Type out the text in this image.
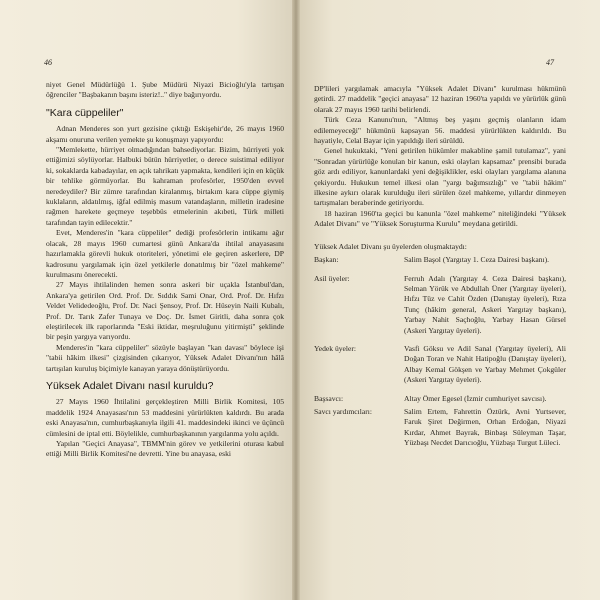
46

niyet Genel Müdürlüğü 1. Şube Müdürü Niyazi Bicioğlu'yla tartışan öğrenciler "Başbakanın başını isteriz!.." diye bağırıyordu.

"Kara cüppeliler"

Adnan Menderes son yurt gezisine çıktığı Eskişehir'de, 26 mayıs 1960 akşamı onuruna verilen yemekte şu konuşmayı yapıyordu:

"Memlekette, hürriyet olmadığından bahsediyorlar. Bizim, hürriyeti yok ettiğimizi söylüyorlar. Halbuki bütün hürriyetler, o derece suistimal ediliyor ki, sokaklarda kabadayılar, en açık tahrikatı yapmakta, kendileri için en küçük bir tehlike görmüyorlar. Bu kahraman profesörler, 1950'den evvel neredeydiler? Bir zümre tarafından kiralanmış, birtakım kara cüppe giymiş kuklaların, aldatılmış, iğfal edilmiş masum vatandaşların, milletin iradesine rağmen harekete geçmeye teşebbüs etmelerinin akıbeti, Türk milleti tarafından tayin edilecektir."

Evet, Menderes'in "kara cüppeliler" dediği profesörlerin intikamı ağır olacak, 28 mayıs 1960 cumartesi günü Ankara'da ihtilal anayasasını hazırlamakla görevli hukuk otoriteleri, yönetimi ele geçiren askerlere, DP kadrosunu yargılamak için özel yetkilerle donatılmış bir "özel mahkeme" kurulmasını önerecekti.

27 Mayıs ihtilalinden hemen sonra askeri bir uçakla İstanbul'dan, Ankara'ya getirilen Ord. Prof. Dr. Sıddık Sami Onar, Ord. Prof. Dr. Hıfzı Veldet Velidedeoğlu, Prof. Dr. Naci Şensoy, Prof. Dr. Hüseyin Naili Kubalı, Prof. Dr. Tarık Zafer Tunaya ve Doç. Dr. İsmet Giritli, daha sonra çok eleştirilecek ilk raporlarında "Eski iktidar, meşruluğunu yitirmişti" şeklinde bir peşin yargıya varıyordu.

Menderes'in "kara cüppeliler" sözüyle başlayan "kan davası" böylece işi "tabii hâkim ilkesi" çizgisinden çıkarıyor, Yüksek Adalet Divanı'nın hâlâ tartışılan kuruluş biçimiyle kanayan yaraya dönüştürüyordu.

Yüksek Adalet Divanı nasıl kuruldu?

27 Mayıs 1960 İhtilalini gerçekleştiren Milli Birlik Komitesi, 105 maddelik 1924 Anayasası'nın 53 maddesini yürürlükten kaldırdı. Bu arada eski Anayasa'nın, cumhurbaşkanıyla ilgili 41. maddesindeki ikinci ve üçüncü cümlesini de iptal etti. Böylelikle, cumhurbaşkanının yargılanma yolu açıldı.

Yapılan "Geçici Anayasa", TBMM'nin görev ve yetkilerini oturası kabul ettiği Milli Birlik Komitesi'ne devretti. Yine bu anayasa, eski

47

DP'lileri yargılamak amacıyla "Yüksek Adalet Divanı" kurulması hükmünü getirdi. 27 maddelik "geçici anayasa" 12 haziran 1960'ta yapıldı ve yürürlük günü olarak 27 mayıs 1960 tarihi belirlendi.

Türk Ceza Kanunu'nun, "Altmış beş yaşını geçmiş olanların idam edilemeyeceği" hükmünü kapsayan 56. maddesi yürürlükten kaldırıldı. Bu hayatiyle, Celal Bayar için yapıldığı ileri sürüldü.

Genel hukuktaki, "Yeni getirilen hükümler makabline şamil tutulamaz", yani "Sonradan yürürlüğe konulan bir kanun, eski olayları kapsamaz" prensibi burada göz ardı ediliyor, kanunlardaki yeni değişiklikler, eski olayları yargılama alanına çekiyordu. Hukukun temel ilkesi olan "yargı bağımsızlığı" ve "tabii hâkim" ilkesine aykırı olarak kurulduğu ileri sürülen özel mahkeme, yıllardır dinmeyen tartışmaları beraberinde getiriyordu.

18 haziran 1960'ta geçici bu kanunla "özel mahkeme" niteliğindeki "Yüksek Adalet Divanı" ve "Yüksek Soruşturma Kurulu" meydana getirildi.

Yüksek Adalet Divanı şu üyelerden oluşmaktaydı:
Başkan:	Salim Başol (Yargıtay 1. Ceza Dairesi başkanı).
Asil üyeler:	Ferruh Adalı (Yargıtay 4. Ceza Dairesi başkanı), Selman Yörük ve Abdullah Üner (Yargıtay üyeleri), Hıfzı Tüz ve Cahit Özden (Danıştay üyeleri), Rıza Tunç (hâkim general, Askeri Yargıtay başkanı), Yarbay Nahit Saçhoğlu, Yarbay Hasan Gürsel (Askeri Yargıtay üyeleri).
Yedek üyeler:	Vasfi Göksu ve Adil Sanal (Yargıtay üyeleri), Ali Doğan Toran ve Nahit Hatipoğlu (Danıştay üyeleri), Albay Kemal Gökşen ve Yarbay Mehmet Çokgüler (Askeri Yargıtay üyeleri).
Başsavcı:	Altay Ömer Egesel (İzmir cumhuriyet savcısı).
Savcı yardımcıları:	Salim Ertem, Fahrettin Öztürk, Avni Yurtsever, Faruk Şiret Değirmen, Orhan Erdoğan, Niyazi Kırdar, Ahmet Bayrak, Binbaşı Süleyman Taşar, Yüzbaşı Necdet Darıcıoğlu, Yüzbaşı Turgut Lüleci.
